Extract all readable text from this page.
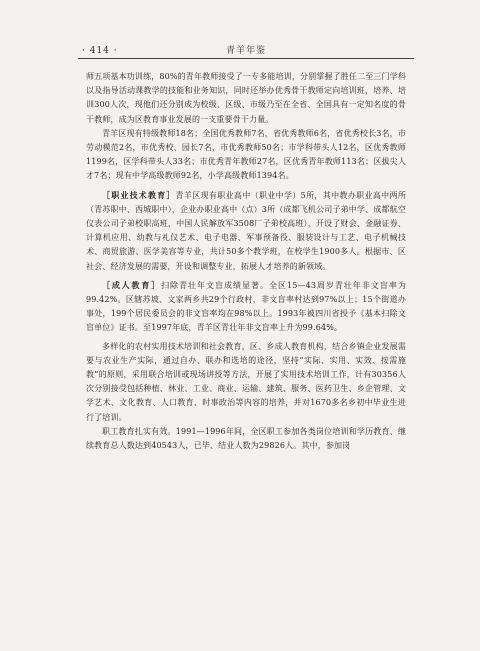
· 414 ·	青羊年鉴

师五项基本功训练，80%的青年教师接受了一专多能培训，分别掌握了胜任二至三门学科以及指导活动课教学的技能和业务知识，同时还举办优秀骨干教师定向培训班，培养、培训300人次，现他们还分别成为校级、区级、市级乃至在全省、全国具有一定知名度的骨干教师，成为区教育事业发展的一支重要骨干力量。

青羊区现有特级教师18名；全国优秀教师7名，省优秀教师6名，省优秀校长3名，市劳动模范2名，市优秀校、园长7名，市优秀教师50名；市学科带头人12名，区优秀教师1199名，区学科带头人33名；市优秀青年教师27名，区优秀青年教师113名；区拔尖人才7名；现有中学高级教师92名，小学高级教师1394名。

［职业技术教育］青羊区现有职业高中（职业中学）5所，其中教办职业高中两所（青苏职中、西城职中），企业办职业高中（点）3所（成都飞机公司子弟中学、成都航空仪表公司子弟校职高班，中国人民解放军3508厂子弟校高班），开设了财会、金融证券、计算机应用、幼教与礼仪艺术、电子电器、军事预备役、服装设计与工艺、电子机械技术、商贸旅游、医学美容等专业，共计50多个教学班，在校学生1900多人。根据市、区社会、经济发展的需要，开设和调整专业，拓展人才培养的新领域。

［成人教育］扫除青壮年文盲成绩显著。全区15—43周岁青壮年非文盲率为99.42%。区辖苏坡、文家两乡共29个行政村，非文盲率村达到97%以上；15个街道办事处，199个居民委员会的非文盲率均在98%以上。1993年被四川省授予《基本扫除文盲单位》证书。至1997年底，青羊区青壮年非文盲率上升为99.64%。

多样化的农村实用技术培训和社会教育，区、乡成人教育机构，结合乡镇企业发展需要与农业生产实际，通过自办、联办和选培的途径，坚持“实际、实用、实效、按需施教”的原则，采用联合培训或现场讲授等方法，开展了实用技术培训工作，计有30356人次分别接受包括种植、林业、工业、商业、运输、建筑、服务、医药卫生、乡企管理、文学艺术、文化教育、人口教育、时事政治等内容的培养，并对1670多名乡初中毕业生进行了培训。

职工教育扎实有效。1991—1996年间，全区职工参加各类岗位培训和学历教育、继续教育总人数达到40543人，已毕、结业人数为29826人。其中，参加岗
